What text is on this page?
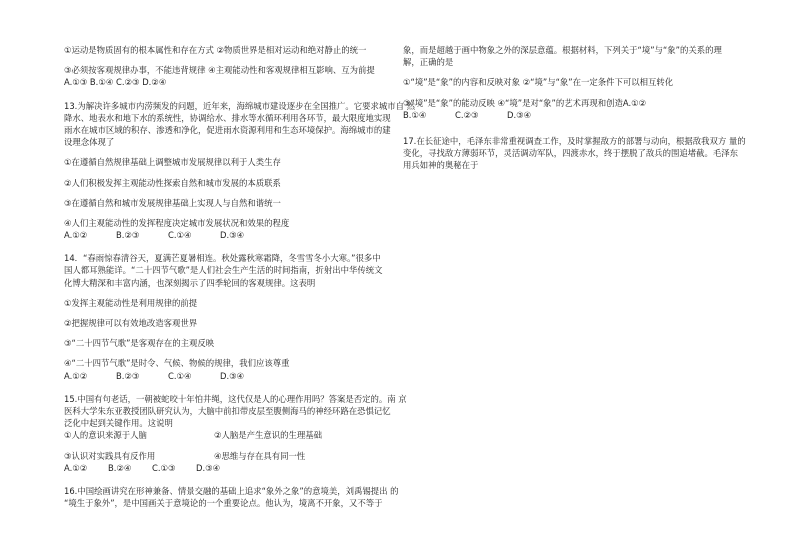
①运动是物质固有的根本属性和存在方式 ②物质世界是相对运动和绝对静止的统一

③必须按客观规律办事，不能违背规律 ④主观能动性和客观规律相互影响、互为前提

A.①③ B.①④ C.②③ D.②④

13.为解决许多城市内涝频发的问题，近年来，海绵城市建设逐步在全国推广。它要求城市自 然

降水、地表水和地下水的系统性，协调给水、排水等水循环利用各环节，最大限度地实现

雨水在城市区域的积存、渗透和净化，促进雨水资源利用和生态环境保护。海绵城市的建

设理念体现了

①在遵循自然规律基础上调整城市发展规律以利于人类生存

②人们积极发挥主观能动性探索自然和城市发展的本质联系

③在遵循自然和城市发展规律基础上实现人与自然和谐统一

④人们主观能动性的发挥程度决定城市发展状况和效果的程度

A.①②	B.②③	C.①④	D.③④

14．“春雨惊春清谷天，夏满芒夏暑相连。秋处露秋寒霜降，冬雪雪冬小大寒。”很多中

国人都耳熟能详。“二十四节气歌”是人们社会生产生活的时间指南，折射出中华传统文

化博大精深和丰富内涵，也深刻揭示了四季轮回的客观规律。这表明

①发挥主观能动性是利用规律的前提

②把握规律可以有效地改造客观世界

③“二十四节气歌”是客观存在的主观反映

④“二十四节气歌”是时令、气候、物候的规律，我们应该尊重

A.①②	B.②③	C.①④	D.③④

15.中国有句老话，一朝被蛇咬十年怕井绳，这代仅是人的心理作用吗？答案是否定的。南 京

医科大学朱东亚教授团队研究认为，大脑中前扣带皮层至腹侧海马的神经环路在恐惧记忆

泛化中起到关键作用。这说明

①人的意识来源于人脑	②人脑是产生意识的生理基础
③认识对实践具有反作用	④思维与存在具有同一性
A.①②	B.②④	C.①③	D.③④

16.中国绘画讲究在形神兼备、情景交融的基础上追求“象外之象”的意境美，刘禹锡提出 的

“境生于象外”，是中国画关于意境论的一个重要论点。他认为，境离不开象，又不等于

象，而是超越于画中物象之外的深层意蕴。根据材料，下列关于“境”与“象”的关系的理

解，正确的是

①“境”是“象”的内容和反映对象 ②“境”与“象”在一定条件下可以相互转化

③“境”是“象”的能动反映 ④“境”是对“象”的艺术再现和创造A.①②

B.①④	C.②③	D.③④

17.在长征途中，毛泽东非常重视调查工作，及时掌握敌方的部署与动向，根据敌我双方 量的

变化，寻找敌方薄弱环节，灵活调动军队，四渡赤水，终于摆脱了敌兵的围追堵截。毛泽东

用兵如神的奥秘在于
